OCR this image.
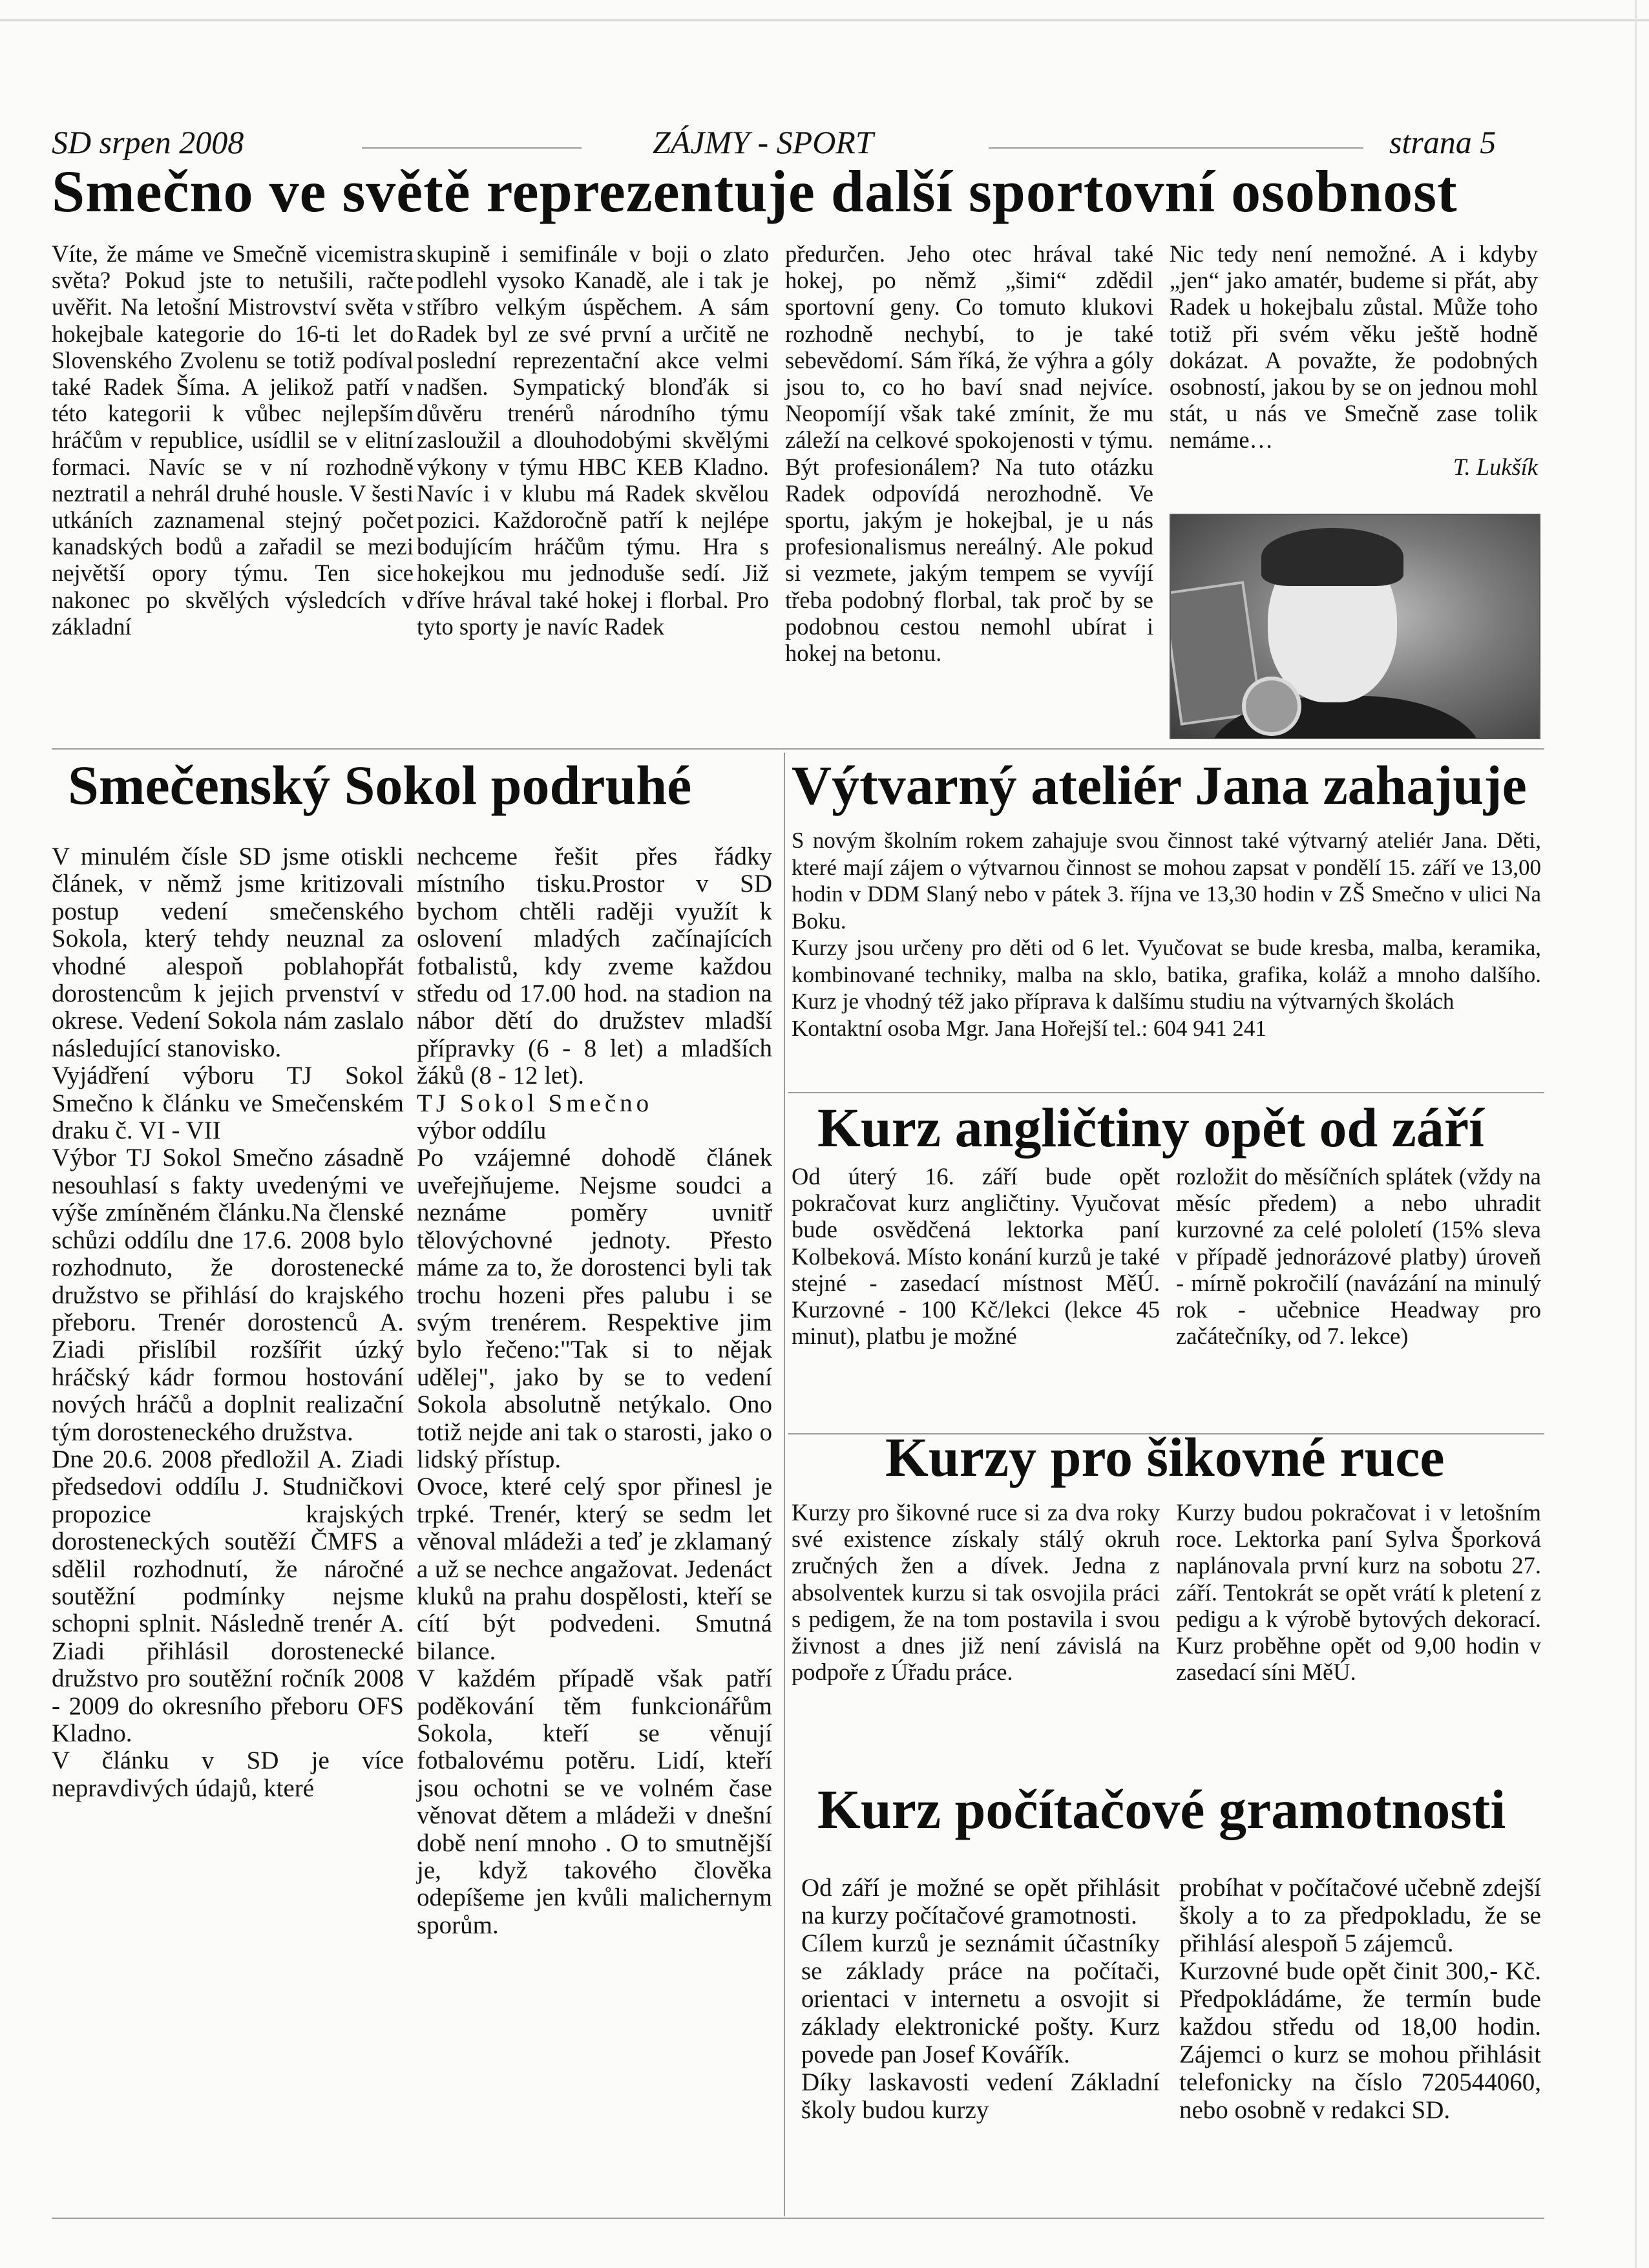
SD srpen 2008	ZÁJMY - SPORT	strana 5
Smečno ve světě reprezentuje další sportovní osobnost

Víte, že máme ve Smečně vicemistra světa? Pokud jste to netušili, račte uvěřit. Na letošní Mistrovství světa v hokejbale kategorie do 16-ti let do Slovenského Zvolenu se totiž podíval také Radek Šíma. A jelikož patří v této kategorii k vůbec nejlepším hráčům v republice, usídlil se v elitní formaci. Navíc se v ní rozhodně neztratil a nehrál druhé housle. V šesti utkáních zaznamenal stejný počet kanadských bodů a zařadil se mezi největší opory týmu. Ten sice nakonec po skvělých výsledcích v základní

skupině i semifinále v boji o zlato podlehl vysoko Kanadě, ale i tak je stříbro velkým úspěchem. A sám Radek byl ze své první a určitě ne poslední reprezentační akce velmi nadšen. Sympatický blonďák si důvěru trenérů národního týmu zasloužil a dlouhodobými skvělými výkony v týmu HBC KEB Kladno. Navíc i v klubu má Radek skvělou pozici. Každoročně patří k nejlépe bodujícím hráčům týmu. Hra s hokejkou mu jednoduše sedí. Již dříve hrával také hokej i florbal. Pro tyto sporty je navíc Radek

předurčen. Jeho otec hrával také hokej, po němž „šimi“ zdědil sportovní geny. Co tomuto klukovi rozhodně nechybí, to je také sebevědomí. Sám říká, že výhra a góly jsou to, co ho baví snad nejvíce. Neopomíjí však také zmínit, že mu záleží na celkové spokojenosti v týmu. Být profesionálem? Na tuto otázku Radek odpovídá nerozhodně. Ve sportu, jakým je hokejbal, je u nás profesionalismus nereálný. Ale pokud si vezmete, jakým tempem se vyvíjí třeba podobný florbal, tak proč by se podobnou cestou nemohl ubírat i hokej na betonu.

Nic tedy není nemožné. A i kdyby „jen“ jako amatér, budeme si přát, aby Radek u hokejbalu zůstal. Může toho totiž při svém věku ještě hodně dokázat. A považte, že podobných osobností, jakou by se on jednou mohl stát, u nás ve Smečně zase tolik nemáme…

T. Lukšík

Smečenský Sokol podruhé

V minulém čísle SD jsme otiskli článek, v němž jsme kritizovali postup vedení smečenského Sokola, který tehdy neuznal za vhodné alespoň poblahopřát dorostencům k jejich prvenství v okrese. Vedení Sokola nám zaslalo následující stanovisko.

Vyjádření výboru TJ Sokol Smečno k článku ve Smečenském draku č. VI - VII

Výbor TJ Sokol Smečno zásadně nesouhlasí s fakty uvedenými ve výše zmíněném článku.Na členské schůzi oddílu dne 17.6. 2008 bylo rozhodnuto, že dorostenecké družstvo se přihlásí do krajského přeboru. Trenér dorostenců A. Ziadi přislíbil rozšířit úzký hráčský kádr formou hostování nových hráčů a doplnit realizační tým dorosteneckého družstva.

Dne 20.6. 2008 předložil A. Ziadi předsedovi oddílu J. Studničkovi propozice krajských dorosteneckých soutěží ČMFS a sdělil rozhodnutí, že náročné soutěžní podmínky nejsme schopni splnit. Následně trenér A. Ziadi přihlásil dorostenecké družstvo pro soutěžní ročník 2008 - 2009 do okresního přeboru OFS Kladno.

V článku v SD je více nepravdivých údajů, které

nechceme řešit přes řádky místního tisku.Prostor v SD bychom chtěli raději využít k oslovení mladých začínajících fotbalistů, kdy zveme každou středu od 17.00 hod. na stadion na nábor dětí do družstev mladší přípravky (6 - 8 let) a mladších žáků (8 - 12 let).

TJ Sokol Smečno

výbor oddílu

Po vzájemné dohodě článek uveřejňujeme. Nejsme soudci a neznáme poměry uvnitř tělovýchovné jednoty. Přesto máme za to, že dorostenci byli tak trochu hozeni přes palubu i se svým trenérem. Respektive jim bylo řečeno:"Tak si to nějak udělej", jako by se to vedení Sokola absolutně netýkalo. Ono totiž nejde ani tak o starosti, jako o lidský přístup.

Ovoce, které celý spor přinesl je trpké. Trenér, který se sedm let věnoval mládeži a teď je zklamaný a už se nechce angažovat. Jedenáct kluků na prahu dospělosti, kteří se cítí být podvedeni. Smutná bilance.

V každém případě však patří poděkování těm funkcionářům Sokola, kteří se věnují fotbalovému potěru. Lidí, kteří jsou ochotni se ve volném čase věnovat dětem a mládeži v dnešní době není mnoho . O to smutnější je, když takového člověka odepíšeme jen kvůli malichernym sporům.

Výtvarný ateliér Jana zahajuje

S novým školním rokem zahajuje svou činnost také výtvarný ateliér Jana. Děti, které mají zájem o výtvarnou činnost se mohou zapsat v pondělí 15. září ve 13,00 hodin v DDM Slaný nebo v pátek 3. října ve 13,30 hodin v ZŠ Smečno v ulici Na Boku.

Kurzy jsou určeny pro děti od 6 let. Vyučovat se bude kresba, malba, keramika, kombinované techniky, malba na sklo, batika, grafika, koláž a mnoho dalšího. Kurz je vhodný též jako příprava k dalšímu studiu na výtvarných školách

Kontaktní osoba Mgr. Jana Hořejší tel.: 604 941 241

Kurz angličtiny opět od září

Od úterý 16. září bude opět pokračovat kurz angličtiny. Vyučovat bude osvědčená lektorka paní Kolbeková. Místo konání kurzů je také stejné - zasedací místnost MěÚ. Kurzovné - 100 Kč/lekci (lekce 45 minut), platbu je možné

rozložit do měsíčních splátek (vždy na měsíc předem) a nebo uhradit kurzovné za celé pololetí (15% sleva v případě jednorázové platby) úroveň - mírně pokročilí (navázání na minulý rok - učebnice Headway pro začátečníky, od 7. lekce)

Kurzy pro šikovné ruce

Kurzy pro šikovné ruce si za dva roky své existence získaly stálý okruh zručných žen a dívek. Jedna z absolventek kurzu si tak osvojila práci s pedigem, že na tom postavila i svou živnost a dnes již není závislá na podpoře z Úřadu práce.

Kurzy budou pokračovat i v letošním roce. Lektorka paní Sylva Šporková naplánovala první kurz na sobotu 27. září. Tentokrát se opět vrátí k pletení z pedigu a k výrobě bytových dekorací. Kurz proběhne opět od 9,00 hodin v zasedací síni MěÚ.

Kurz počítačové gramotnosti

Od září je možné se opět přihlásit na kurzy počítačové gramotnosti.

Cílem kurzů je seznámit účastníky se základy práce na počítači, orientaci v internetu a osvojit si základy elektronické pošty. Kurz povede pan Josef Kovářík.

Díky laskavosti vedení Základní školy budou kurzy

probíhat v počítačové učebně zdejší školy a to za předpokladu, že se přihlásí alespoň 5 zájemců.

Kurzovné bude opět činit 300,- Kč. Předpokládáme, že termín bude každou středu od 18,00 hodin. Zájemci o kurz se mohou přihlásit telefonicky na číslo 720544060, nebo osobně v redakci SD.
